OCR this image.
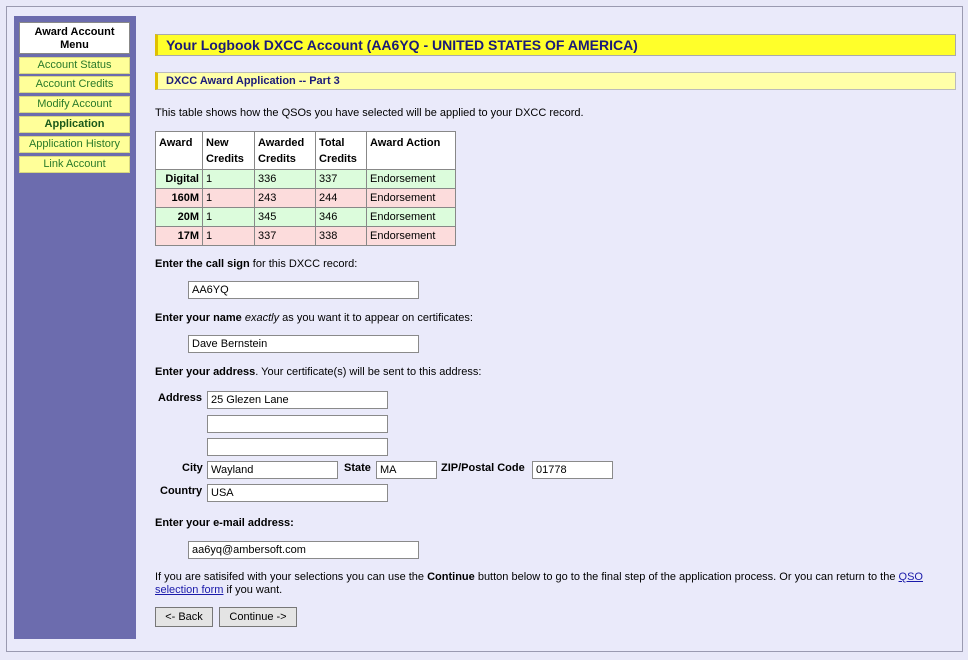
Award Account Menu
Account Status
Account Credits
Modify Account
Application
Application History
Link Account
Your Logbook DXCC Account (AA6YQ - UNITED STATES OF AMERICA)
DXCC Award Application -- Part 3
This table shows how the QSOs you have selected will be applied to your DXCC record.
Award	New Credits	Awarded Credits	Total Credits	Award Action
Digital	1	336	337	Endorsement
160M	1	243	244	Endorsement
20M	1	345	346	Endorsement
17M	1	337	338	Endorsement
Enter the call sign for this DXCC record:
AA6YQ
Enter your name exactly as you want it to appear on certificates:
Dave Bernstein
Enter your address. Your certificate(s) will be sent to this address:
Address 25 Glezen Lane
City Wayland	State MA	ZIP/Postal Code	01778
Country USA
Enter your e-mail address:
aa6yq@ambersoft.com
If you are satisifed with your selections you can use the Continue button below to go to the final step of the application process. Or you can return to the QSO
selection form if you want.
<- Back	Continue ->
